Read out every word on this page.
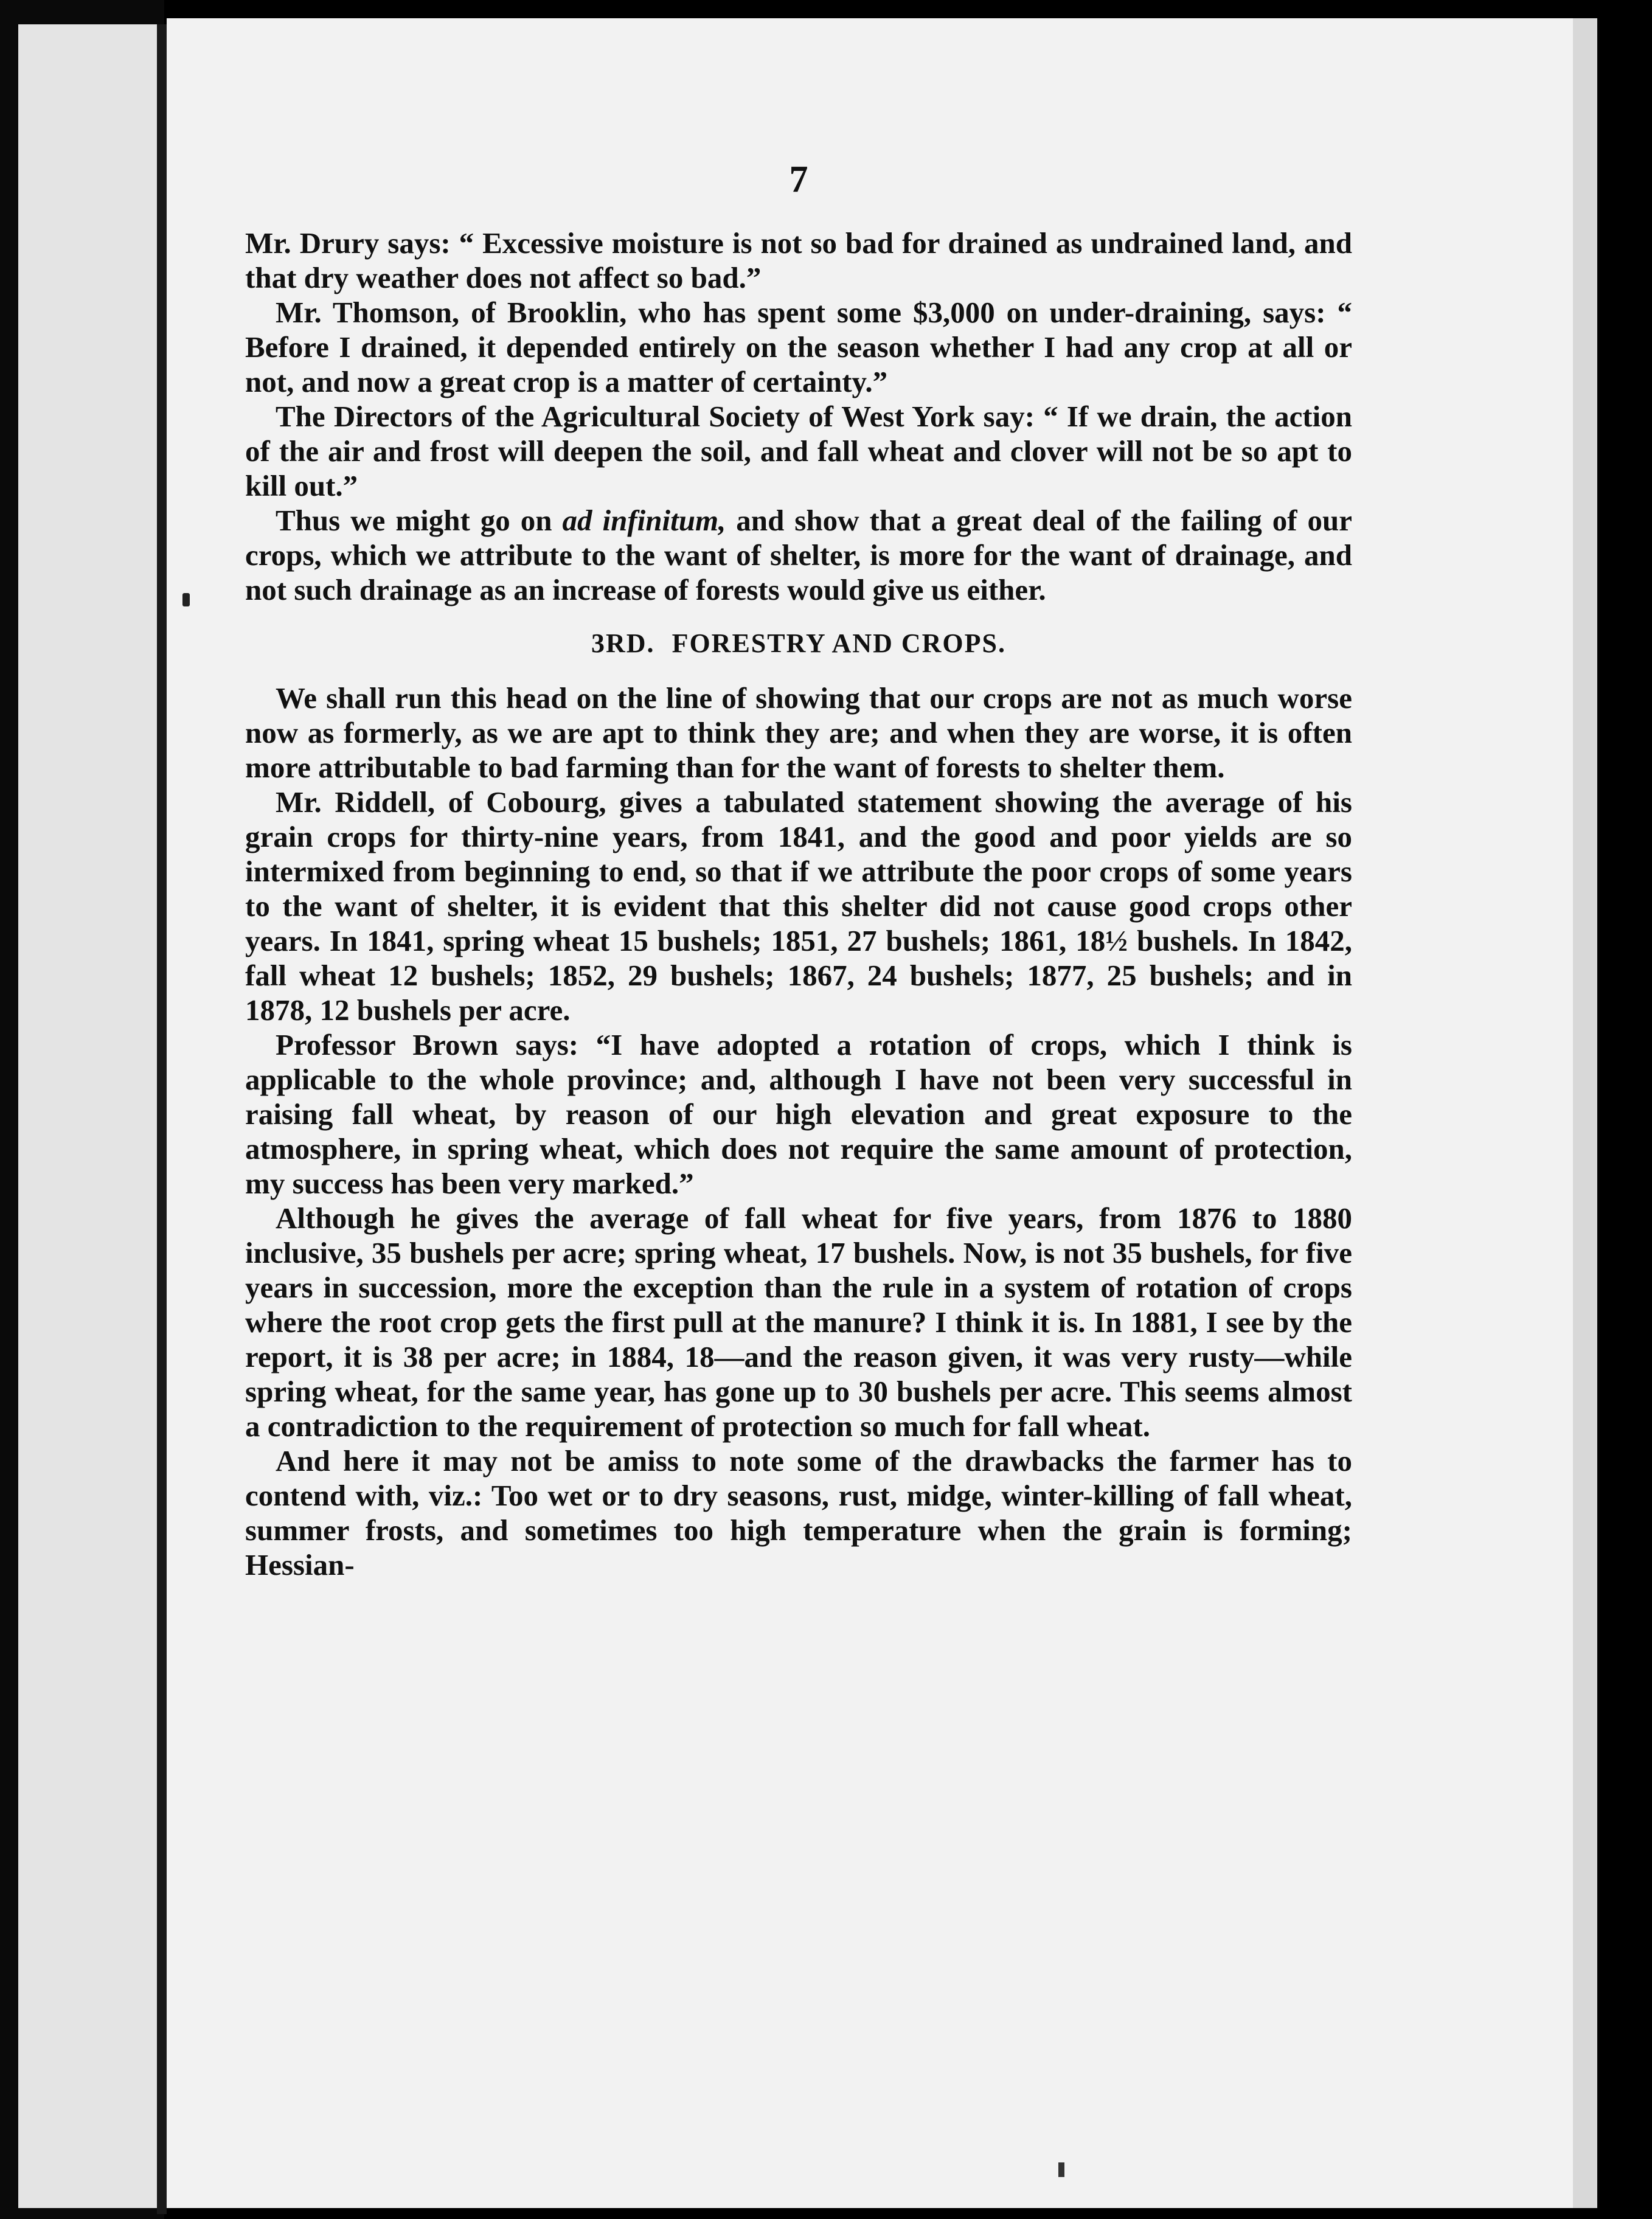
7

Mr. Drury says: “ Excessive moisture is not so bad for drained as undrained land, and that dry weather does not affect so bad.”

Mr. Thomson, of Brooklin, who has spent some $3,000 on under-draining, says: “ Before I drained, it depended entirely on the season whether I had any crop at all or not, and now a great crop is a matter of certainty.”

The Directors of the Agricultural Society of West York say: “ If we drain, the action of the air and frost will deepen the soil, and fall wheat and clover will not be so apt to kill out.”

Thus we might go on ad infinitum, and show that a great deal of the failing of our crops, which we attribute to the want of shelter, is more for the want of drainage, and not such drainage as an increase of forests would give us either.

3RD. FORESTRY AND CROPS.

We shall run this head on the line of showing that our crops are not as much worse now as formerly, as we are apt to think they are; and when they are worse, it is often more attributable to bad farming than for the want of forests to shelter them.

Mr. Riddell, of Cobourg, gives a tabulated statement showing the average of his grain crops for thirty-nine years, from 1841, and the good and poor yields are so intermixed from beginning to end, so that if we attribute the poor crops of some years to the want of shelter, it is evident that this shelter did not cause good crops other years. In 1841, spring wheat 15 bushels; 1851, 27 bushels; 1861, 18½ bushels. In 1842, fall wheat 12 bushels; 1852, 29 bushels; 1867, 24 bushels; 1877, 25 bushels; and in 1878, 12 bushels per acre.

Professor Brown says: “I have adopted a rotation of crops, which I think is applicable to the whole province; and, although I have not been very successful in raising fall wheat, by reason of our high elevation and great exposure to the atmosphere, in spring wheat, which does not require the same amount of protection, my success has been very marked.”

Although he gives the average of fall wheat for five years, from 1876 to 1880 inclusive, 35 bushels per acre; spring wheat, 17 bushels. Now, is not 35 bushels, for five years in succession, more the exception than the rule in a system of rotation of crops where the root crop gets the first pull at the manure? I think it is. In 1881, I see by the report, it is 38 per acre; in 1884, 18—and the reason given, it was very rusty—while spring wheat, for the same year, has gone up to 30 bushels per acre. This seems almost a contradiction to the requirement of protection so much for fall wheat.

And here it may not be amiss to note some of the drawbacks the farmer has to contend with, viz.: Too wet or to dry seasons, rust, midge, winter-killing of fall wheat, summer frosts, and sometimes too high temperature when the grain is forming; Hessian-
